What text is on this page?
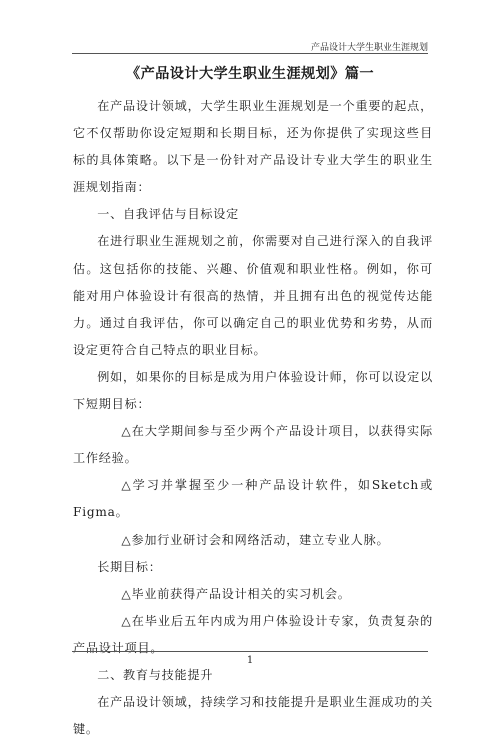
产品设计大学生职业生涯规划
《产品设计大学生职业生涯规划》篇一

在产品设计领域，大学生职业生涯规划是一个重要的起点，它不仅帮助你设定短期和长期目标，还为你提供了实现这些目标的具体策略。以下是一份针对产品设计专业大学生的职业生涯规划指南：

一、自我评估与目标设定

在进行职业生涯规划之前，你需要对自己进行深入的自我评估。这包括你的技能、兴趣、价值观和职业性格。例如，你可能对用户体验设计有很高的热情，并且拥有出色的视觉传达能力。通过自我评估，你可以确定自己的职业优势和劣势，从而设定更符合自己特点的职业目标。

例如，如果你的目标是成为用户体验设计师，你可以设定以下短期目标：

△在大学期间参与至少两个产品设计项目，以获得实际工作经验。

△学习并掌握至少一种产品设计软件，如Sketch或Figma。

△参加行业研讨会和网络活动，建立专业人脉。

长期目标：

△毕业前获得产品设计相关的实习机会。

△在毕业后五年内成为用户体验设计专家，负责复杂的产品设计项目。

二、教育与技能提升

在产品设计领域，持续学习和技能提升是职业生涯成功的关键。

1
